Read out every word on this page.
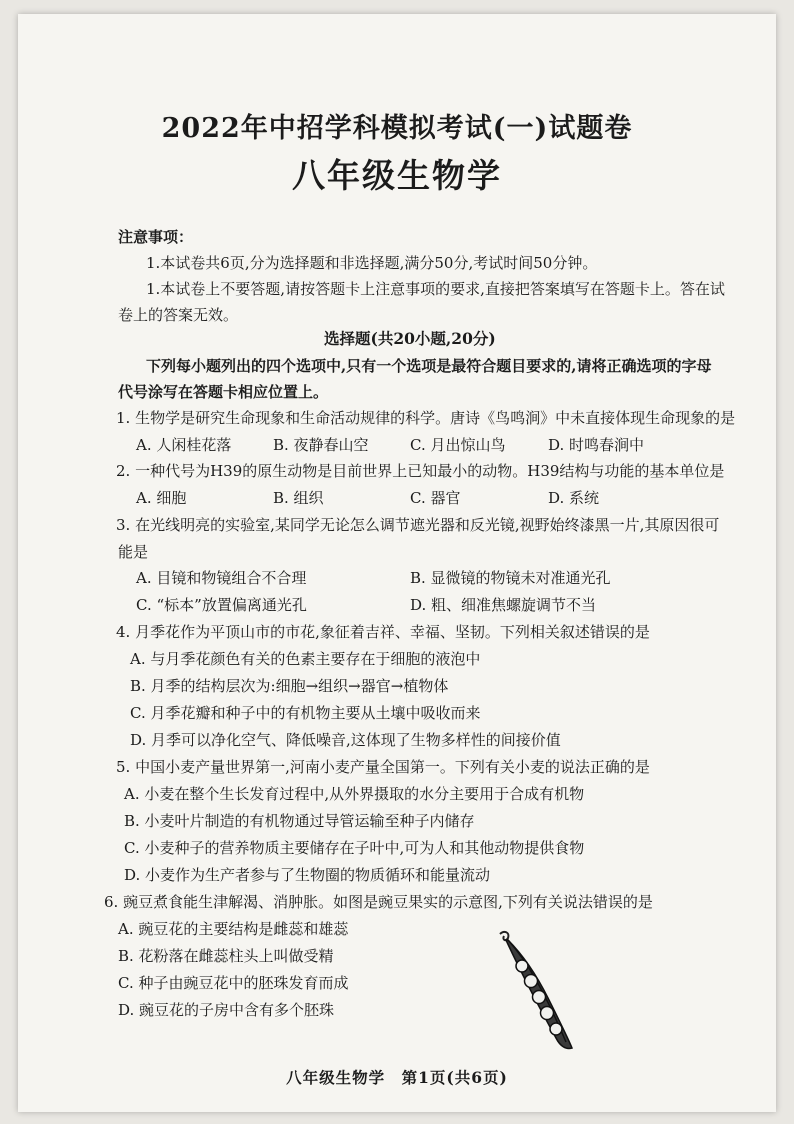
2022年中招学科模拟考试(一)试题卷
八年级生物学
注意事项：
1.本试卷共6页,分为选择题和非选择题,满分50分,考试时间50分钟。
1.本试卷上不要答题,请按答题卡上注意事项的要求,直接把答案填写在答题卡上。答在试
卷上的答案无效。
选择题(共20小题,20分)
下列每小题列出的四个选项中,只有一个选项是最符合题目要求的,请将正确选项的字母
代号涂写在答题卡相应位置上。
1. 生物学是研究生命现象和生命活动规律的科学。唐诗《鸟鸣涧》中未直接体现生命现象的是
A. 人闲桂花落	B. 夜静春山空	C. 月出惊山鸟	D. 时鸣春涧中
2. 一种代号为H39的原生动物是目前世界上已知最小的动物。H39结构与功能的基本单位是
A. 细胞	B. 组织	C. 器官	D. 系统
3. 在光线明亮的实验室,某同学无论怎么调节遮光器和反光镜,视野始终漆黑一片,其原因很可
能是
A. 目镜和物镜组合不合理	B. 显微镜的物镜未对准通光孔
C. “标本”放置偏离通光孔	D. 粗、细准焦螺旋调节不当
4. 月季花作为平顶山市的市花,象征着吉祥、幸福、坚韧。下列相关叙述错误的是
A. 与月季花颜色有关的色素主要存在于细胞的液泡中
B. 月季的结构层次为:细胞→组织→器官→植物体
C. 月季花瓣和种子中的有机物主要从土壤中吸收而来
D. 月季可以净化空气、降低噪音,这体现了生物多样性的间接价值
5. 中国小麦产量世界第一,河南小麦产量全国第一。下列有关小麦的说法正确的是
A. 小麦在整个生长发育过程中,从外界摄取的水分主要用于合成有机物
B. 小麦叶片制造的有机物通过导管运输至种子内储存
C. 小麦种子的营养物质主要储存在子叶中,可为人和其他动物提供食物
D. 小麦作为生产者参与了生物圈的物质循环和能量流动
6. 豌豆煮食能生津解渴、消肿胀。如图是豌豆果实的示意图,下列有关说法错误的是
A. 豌豆花的主要结构是雌蕊和雄蕊
B. 花粉落在雌蕊柱头上叫做受精
C. 种子由豌豆花中的胚珠发育而成
D. 豌豆花的子房中含有多个胚珠
八年级生物学　第1页(共6页)
